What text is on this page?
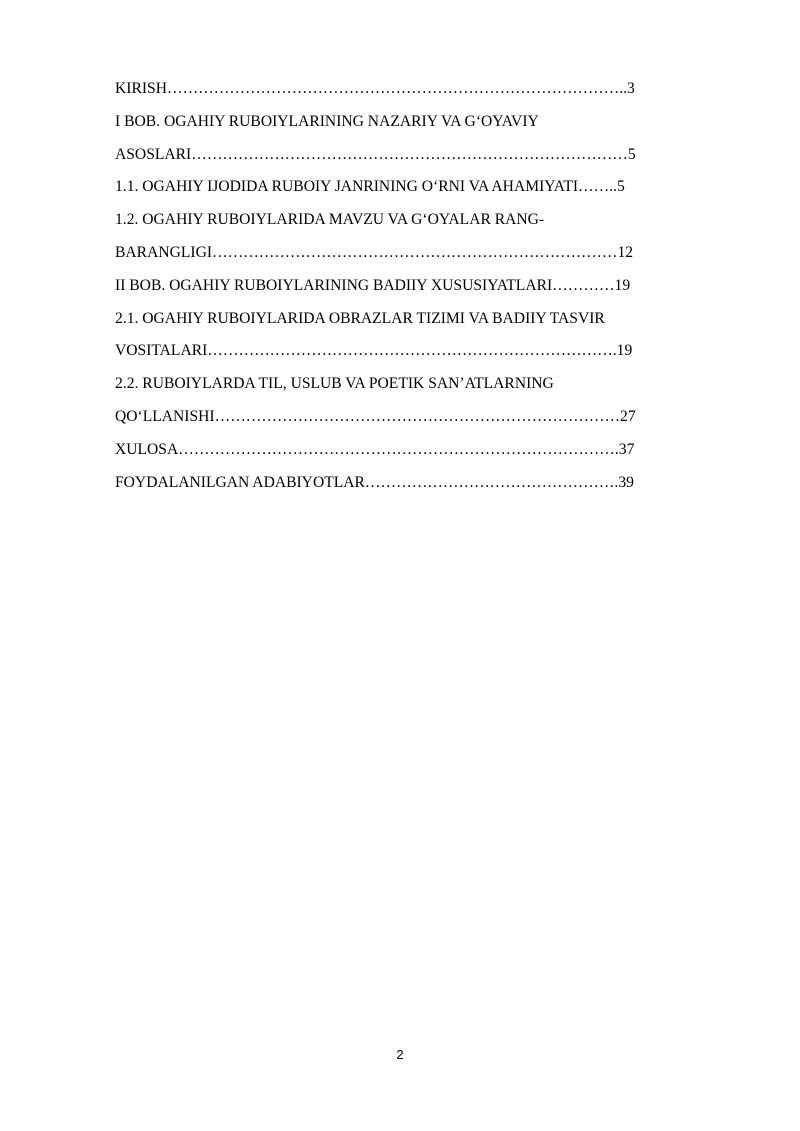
KIRISH……………………………………………………………………………..3
I BOB. OGAHIY RUBOIYLARINING NAZARIY VA G‘OYAVIY
ASOSLARI…………………………………………………………………………5
1.1. OGAHIY IJODIDA RUBOIY JANRINING O‘RNI VA AHAMIYATI……..5
1.2. OGAHIY RUBOIYLARIDA MAVZU VA G‘OYALAR RANG-
BARANGLIGI……………………………………………………………………12
II BOB. OGAHIY RUBOIYLARINING BADIIY XUSUSIYATLARI…………19
2.1. OGAHIY RUBOIYLARIDA OBRAZLAR TIZIMI VA BADIIY TASVIR
VOSITALARI…………………………………………………………………….19
2.2. RUBOIYLARDA TIL, USLUB VA POETIK SAN’ATLARNING
QO‘LLANISHI……………………………………………………………………27
XULOSA………………………………………………………………………….37
FOYDALANILGAN ADABIYOTLAR………………………………………….39
2
